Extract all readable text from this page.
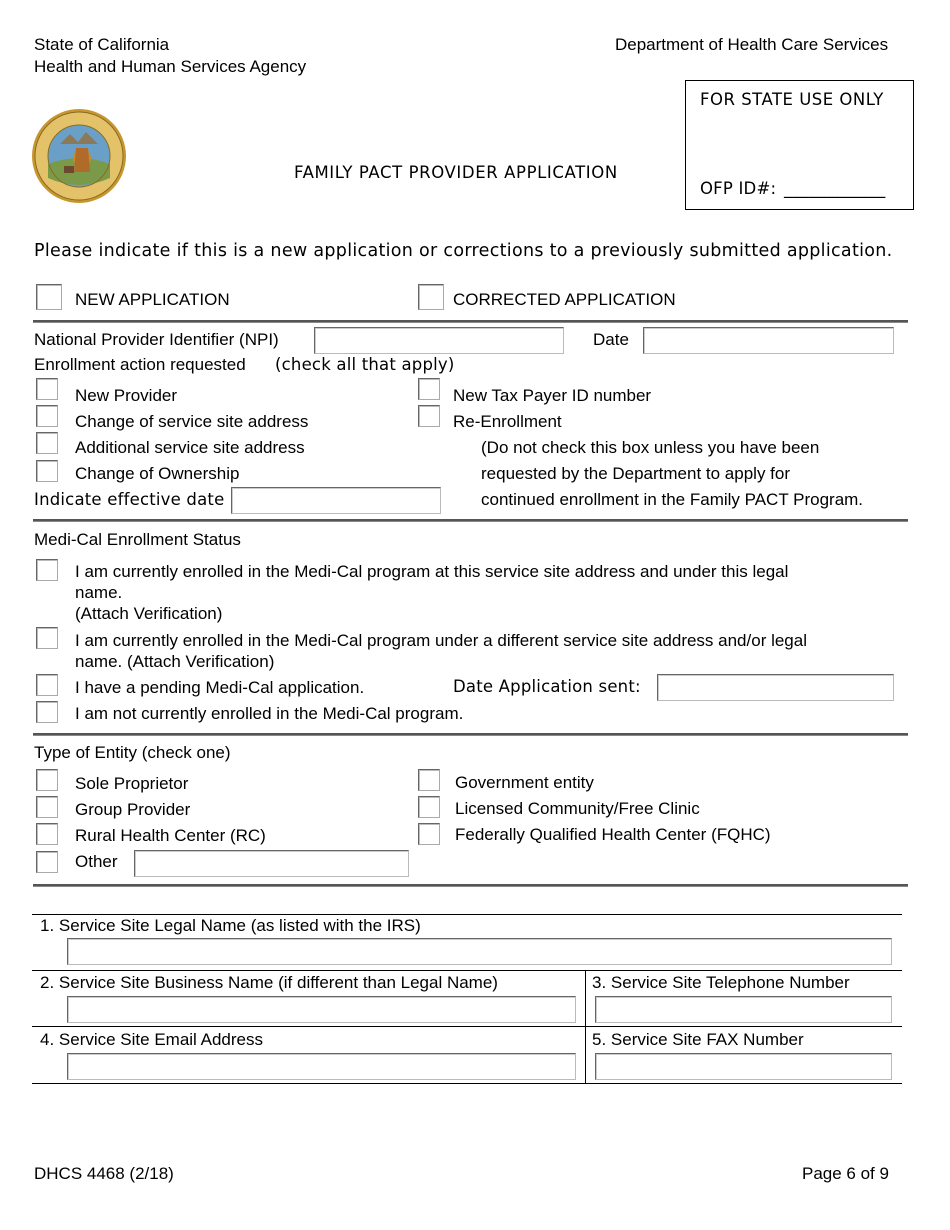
State of California
Health and Human Services Agency
Department of Health Care Services
FAMILY PACT PROVIDER APPLICATION
FOR STATE USE ONLY
OFP ID#: ____________
Please indicate if this is a new application or corrections to a previously submitted application.
NEW APPLICATION	CORRECTED APPLICATION
National Provider Identifier (NPI)	Date
Enrollment action requested (check all that apply)
New Provider
Change of service site address
Additional service site address
Change of Ownership
New Tax Payer ID number
Re-Enrollment
(Do not check this box unless you have been
requested by the Department to apply for
continued enrollment in the Family PACT Program.
Indicate effective date
Medi-Cal Enrollment Status
I am currently enrolled in the Medi-Cal program at this service site address and under this legal
name.
(Attach Verification)
I am currently enrolled in the Medi-Cal program under a different service site address and/or legal
name. (Attach Verification)
I have a pending Medi-Cal application.	Date Application sent:
I am not currently enrolled in the Medi-Cal program.
Type of Entity (check one)
Sole Proprietor
Group Provider
Rural Health Center (RC)
Other
Government entity
Licensed Community/Free Clinic
Federally Qualified Health Center (FQHC)
1. Service Site Legal Name (as listed with the IRS)
2. Service Site Business Name (if different than Legal Name)	3. Service Site Telephone Number
4. Service Site Email Address	5. Service Site FAX Number
DHCS 4468 (2/18)	Page 6 of 9
